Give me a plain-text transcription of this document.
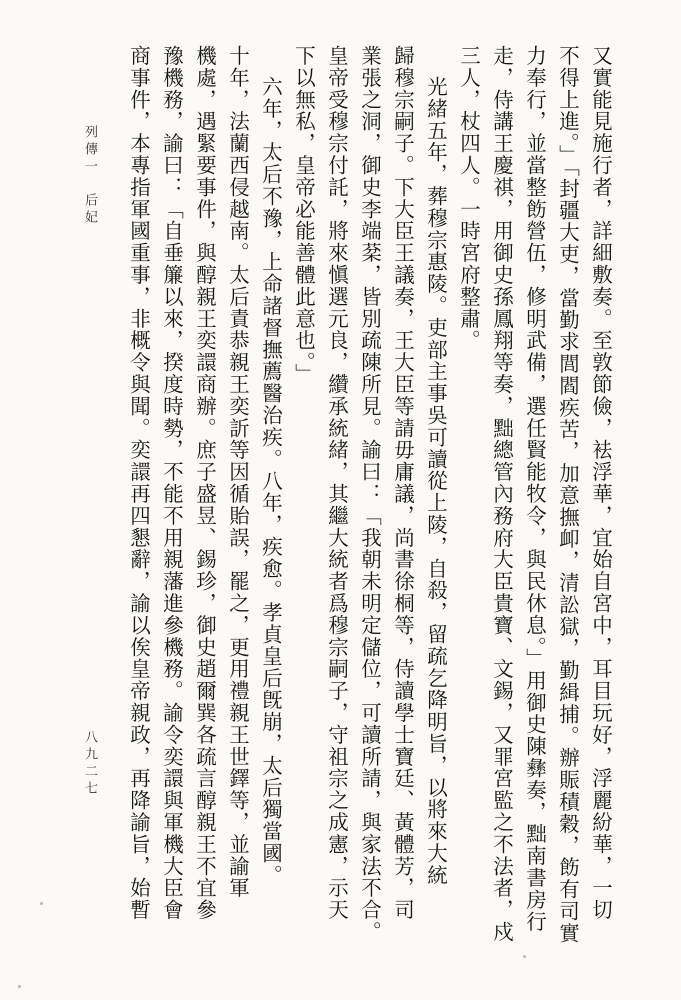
又實能見施行者，詳細敷奏。至敦節儉，袪浮華，宜始自宮中，耳目玩好，浮麗紛華，一切
不得上進。」「封疆大吏，當勤求閭閻疾苦，加意撫卹，清訟獄，勤緝捕。辦賑積穀，飭有司實
力奉行，並當整飭營伍，修明武備，選任賢能牧令，與民休息。」用御史陳彝奏，黜南書房行
走，侍講王慶祺，用御史孫鳳翔等奏，黜總管內務府大臣貴寶、文錫，又罪宮監之不法者，戍
三人，杖四人。一時宮府整肅。
光緒五年，葬穆宗惠陵。吏部主事吳可讀從上陵，自殺，留疏乞降明旨，以將來大統
歸穆宗嗣子。下大臣王議奏，王大臣等請毋庸議，尚書徐桐等，侍讀學士寶廷、黃體芳，司
業張之洞，御史李端棻，皆別疏陳所見。諭曰：「我朝未明定儲位，可讀所請，與家法不合。
皇帝受穆宗付託，將來愼選元良，纘承統緒，其繼大統者爲穆宗嗣子，守祖宗之成憲，示天
下以無私，皇帝必能善體此意也。」
六年，太后不豫，上命諸督撫薦醫治疾。八年，疾愈。孝貞皇后旣崩，太后獨當國。
十年，法蘭西侵越南。太后責恭親王奕訢等因循貽誤，罷之，更用禮親王世鐸等，並諭軍
機處，遇緊要事件，與醇親王奕譞商辦。庶子盛昱、錫珍，御史趙爾巽各疏言醇親王不宜參
豫機務，諭曰：「自垂簾以來，揆度時勢，不能不用親藩進參機務。諭令奕譞與軍機大臣會
商事件，本專指軍國重事，非概令與聞。奕譞再四懇辭，諭以俟皇帝親政，再降諭旨，始暫
列傳一　后妃
八九二七
